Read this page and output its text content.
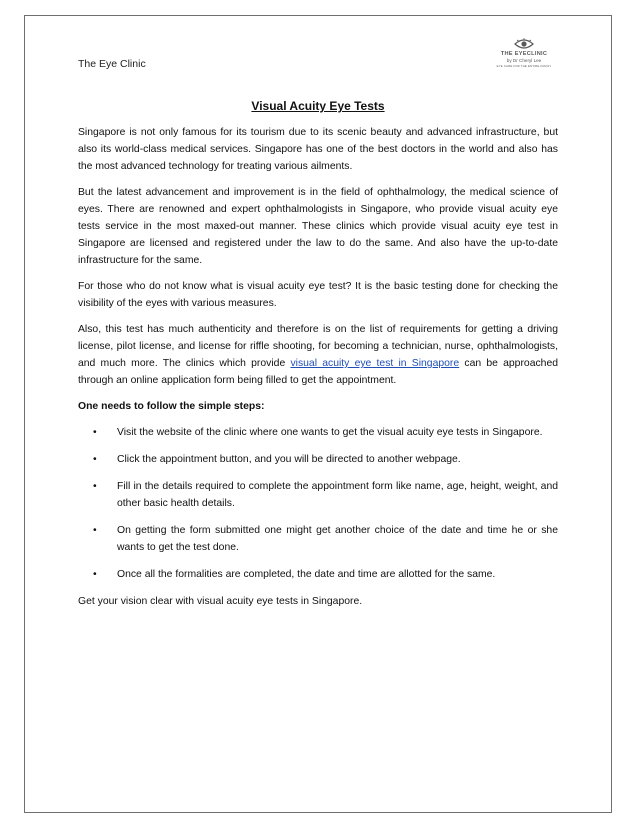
The Eye Clinic
THE EYECLINIC
by Dr Cheryl Lee
EYE CARE FOR THE ENTIRE FAMILY
Visual Acuity Eye Tests

Singapore is not only famous for its tourism due to its scenic beauty and advanced infrastructure, but also its world-class medical services. Singapore has one of the best doctors in the world and also has the most advanced technology for treating various ailments.

But the latest advancement and improvement is in the field of ophthalmology, the medical science of eyes. There are renowned and expert ophthalmologists in Singapore, who provide visual acuity eye tests service in the most maxed-out manner. These clinics which provide visual acuity eye test in Singapore are licensed and registered under the law to do the same. And also have the up-to-date infrastructure for the same.

For those who do not know what is visual acuity eye test? It is the basic testing done for checking the visibility of the eyes with various measures.

Also, this test has much authenticity and therefore is on the list of requirements for getting a driving license, pilot license, and license for riffle shooting, for becoming a technician, nurse, ophthalmologists, and much more. The clinics which provide visual acuity eye test in Singapore can be approached through an online application form being filled to get the appointment.

One needs to follow the simple steps:
• Visit the website of the clinic where one wants to get the visual acuity eye tests in Singapore.
• Click the appointment button, and you will be directed to another webpage.
• Fill in the details required to complete the appointment form like name, age, height, weight, and other basic health details.
• On getting the form submitted one might get another choice of the date and time he or she wants to get the test done.
• Once all the formalities are completed, the date and time are allotted for the same.

Get your vision clear with visual acuity eye tests in Singapore.
